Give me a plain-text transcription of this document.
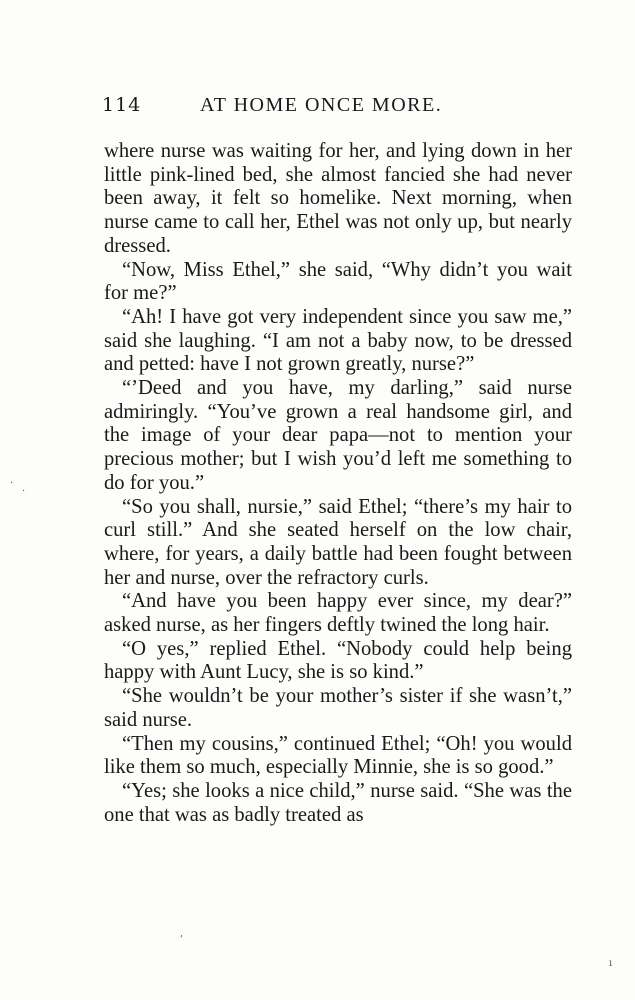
114	AT HOME ONCE MORE.

where nurse was waiting for her, and lying down in her little pink-lined bed, she almost fancied she had never been away, it felt so homelike. Next morning, when nurse came to call her, Ethel was not only up, but nearly dressed.

“Now, Miss Ethel,” she said, “Why didn’t you wait for me?”

“Ah! I have got very independent since you saw me,” said she laughing. “I am not a baby now, to be dressed and petted: have I not grown greatly, nurse?”

“’Deed and you have, my darling,” said nurse admiringly. “You’ve grown a real handsome girl, and the image of your dear papa—not to mention your precious mother; but I wish you’d left me something to do for you.”

“So you shall, nursie,” said Ethel; “there’s my hair to curl still.” And she seated herself on the low chair, where, for years, a daily battle had been fought between her and nurse, over the refractory curls.

“And have you been happy ever since, my dear?” asked nurse, as her fingers deftly twined the long hair.

“O yes,” replied Ethel. “Nobody could help being happy with Aunt Lucy, she is so kind.”

“She wouldn’t be your mother’s sister if she wasn’t,” said nurse.

“Then my cousins,” continued Ethel; “Oh! you would like them so much, especially Minnie, she is so good.”

“Yes; she looks a nice child,” nurse said. “She was the one that was as badly treated as

·
·
,
ı
